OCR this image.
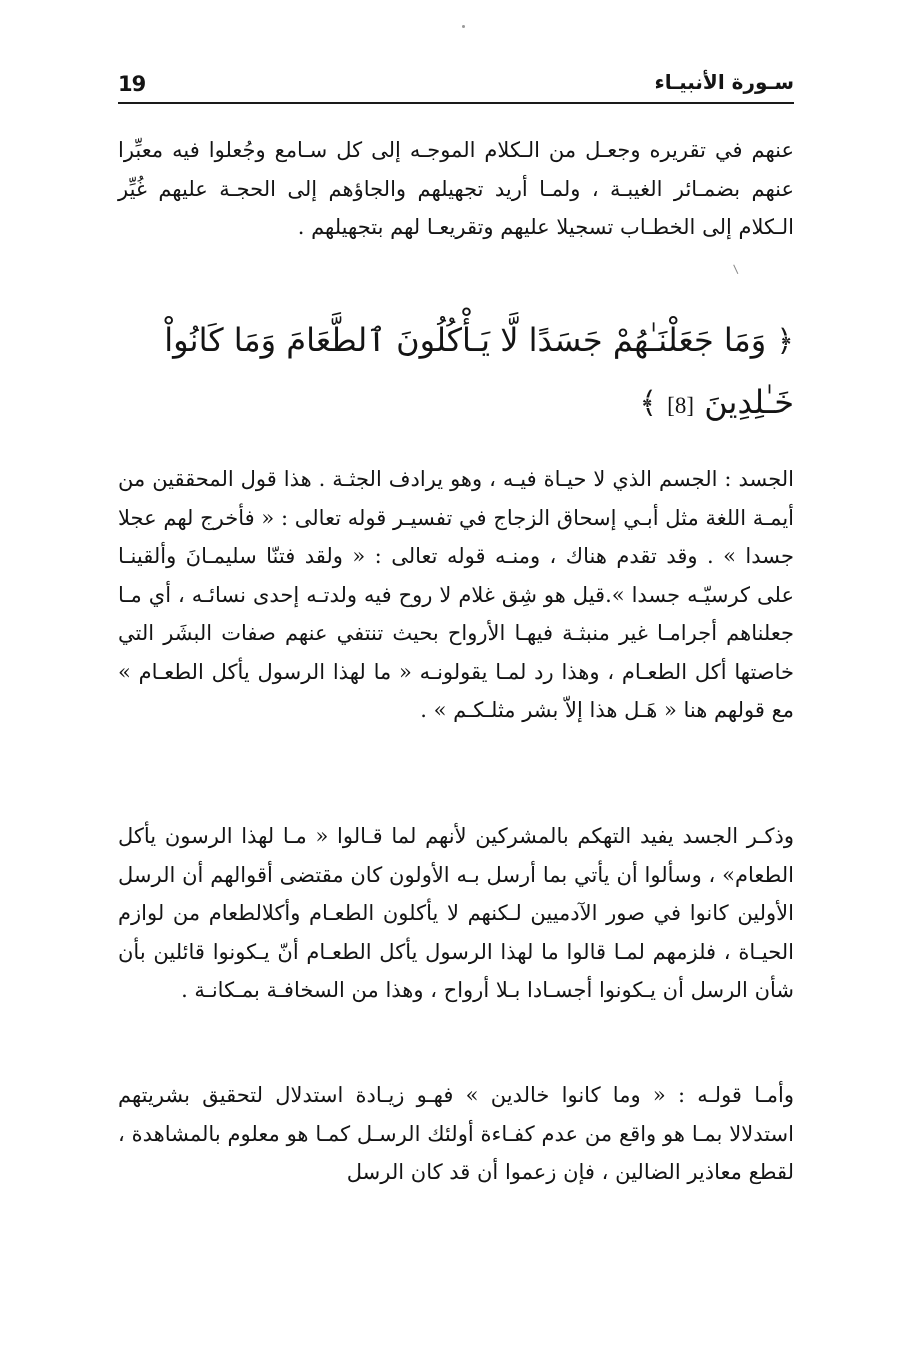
19	سـورة الأنبيـاء

عنهم في تقريره وجعـل من الـكلام الموجـه إلى كل سـامع وجُعلوا فيه معبِّرا عنهم بضمـائر الغيبـة ، ولمـا أريد تجهيلهم والجاؤهم إلى الحجـة عليهم غُيِّر الـكلام إلى الخطـاب تسجيلا عليهم وتقريعـا لهم بتجهيلهم .

﴿ وَمَا جَعَلْنَـٰهُمْ جَسَدًا لَّا يَـأْكُلُونَ ٱلطَّعَامَ وَمَا كَانُواْ خَـٰلِدِينَ [8] ﴾

الجسد : الجسم الذي لا حيـاة فيـه ، وهو يرادف الجثـة . هذا قول المحققين من أيمـة اللغة مثل أبـي إسحاق الزجاج في تفسيـر قوله تعالى : « فأخرج لهم عجلا جسدا » . وقد تقدم هناك ، ومنـه قوله تعالى : « ولقد فتنّا سليمـانَ وألقينـا على كرسيّـه جسدا ».قيل هو شِق غلام لا روح فيه ولدتـه إحدى نسائـه ، أي مـا جعلناهم أجرامـا غير منبثـة فيهـا الأرواح بحيث تنتفي عنهم صفات البشَر التي خاصتها أكل الطعـام ، وهذا رد لمـا يقولونـه « ما لهذا الرسول يأكل الطعـام » مع قولهم هنا « هَـل هذا إلاّ بشر مثلـكـم » .

وذكـر الجسد يفيد التهكم بالمشركين لأنهم لما قـالوا « مـا لهذا الرسون يأكل الطعام» ، وسألوا أن يأتي بما أرسل بـه الأولون كان مقتضى أقوالهم أن الرسل الأولين كانوا في صور الآدميين لـكنهم لا يأكلون الطعـام وأكلالطعام من لوازم الحيـاة ، فلزمهم لمـا قالوا ما لهذا الرسول يأكل الطعـام أنّ يـكونوا قائلين بأن شأن الرسل أن يـكونوا أجسـادا بـلا أرواح ، وهذا من السخافـة بمـكانـة .

وأمـا قولـه : « وما كانوا خالدين » فهـو زيـادة استدلال لتحقيق بشريتهم استدلالا بمـا هو واقع من عدم كفـاءة أولئك الرسـل كمـا هو معلوم بالمشاهدة ، لقطع معاذير الضالين ، فإن زعموا أن قد كان الرسل
